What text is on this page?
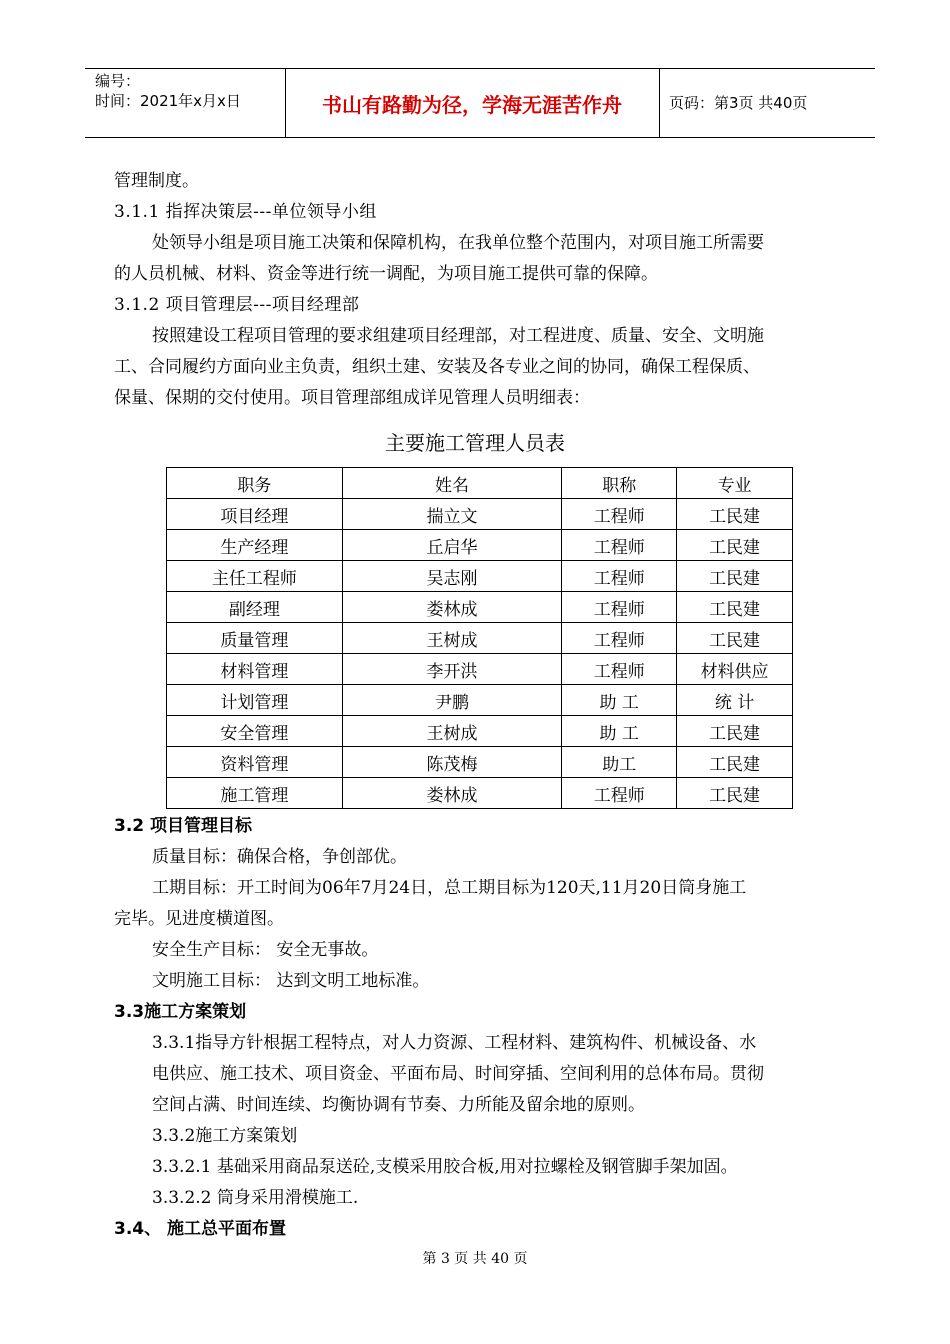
编号：
时间：2021年x月x日	书山有路勤为径，学海无涯苦作舟	页码：第3页 共40页
管理制度。
3.1.1 指挥决策层---单位领导小组
处领导小组是项目施工决策和保障机构，在我单位整个范围内，对项目施工所需要
的人员机械、材料、资金等进行统一调配，为项目施工提供可靠的保障。
3.1.2 项目管理层---项目经理部
按照建设工程项目管理的要求组建项目经理部，对工程进度、质量、安全、文明施
工、合同履约方面向业主负责，组织土建、安装及各专业之间的协同，确保工程保质、
保量、保期的交付使用。项目管理部组成详见管理人员明细表：
主要施工管理人员表
职务	姓名	职称	专业
项目经理	揣立文	工程师	工民建
生产经理	丘启华	工程师	工民建
主任工程师	吴志刚	工程师	工民建
副经理	娄林成	工程师	工民建
质量管理	王树成	工程师	工民建
材料管理	李开洪	工程师	材料供应
计划管理	尹鹏	助 工	统 计
安全管理	王树成	助 工	工民建
资料管理	陈茂梅	助工	工民建
施工管理	娄林成	工程师	工民建
3.2 项目管理目标
质量目标：确保合格，争创部优。
工期目标：开工时间为06年7月24日，总工期目标为120天,11月20日筒身施工
完毕。见进度横道图。
安全生产目标： 安全无事故。
文明施工目标： 达到文明工地标准。
3.3施工方案策划
3.3.1指导方针根据工程特点，对人力资源、工程材料、建筑构件、机械设备、水
电供应、施工技术、项目资金、平面布局、时间穿插、空间利用的总体布局。贯彻
空间占满、时间连续、均衡协调有节奏、力所能及留余地的原则。
3.3.2施工方案策划
3.3.2.1 基础采用商品泵送砼,支模采用胶合板,用对拉螺栓及钢管脚手架加固。
3.3.2.2 筒身采用滑模施工.
3.4、 施工总平面布置
第 3 页 共 40 页
